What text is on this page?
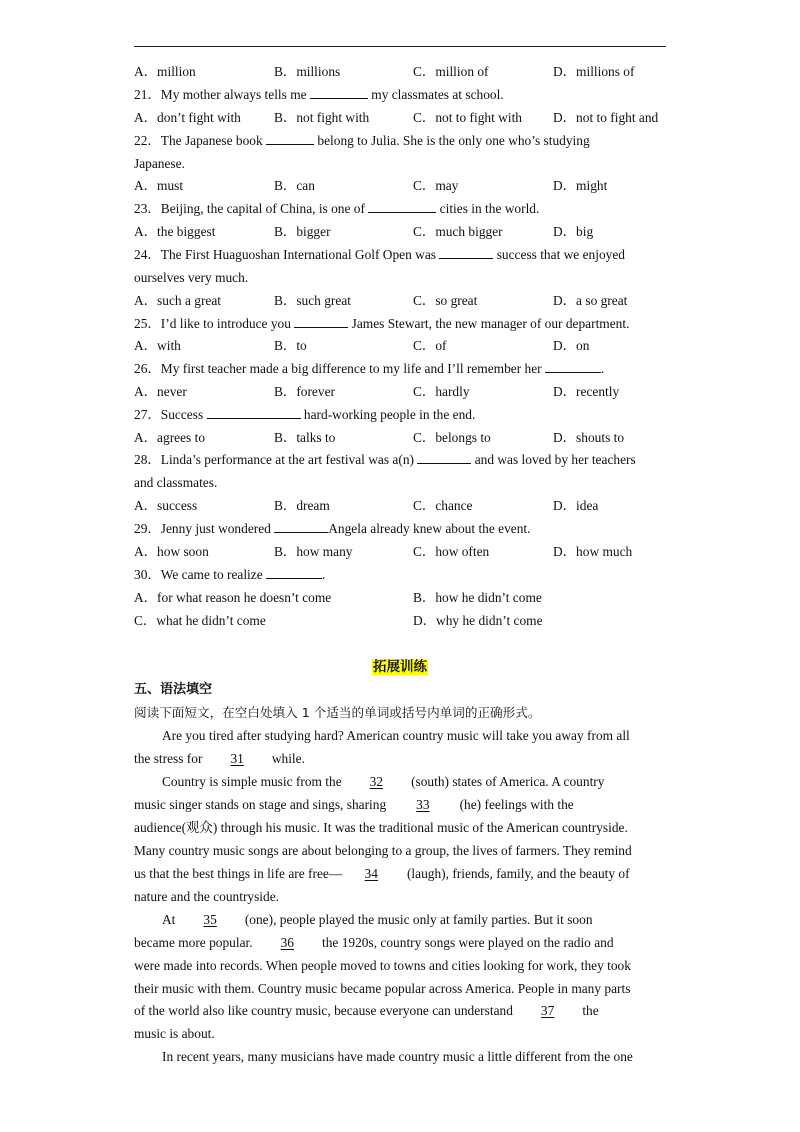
A．million	B．millions	C．million of	D．millions of
21．My mother always tells me	my classmates at school.
A．don’t fight with B．not fight with	C．not to fight with D．not to fight and
22．The Japanese book	belong to Julia. She is the only one who’s studying
Japanese.
A．must	B．can	C．may	D．might
23．Beijing, the capital of China, is one of	cities in the world.
A．the biggest	B．bigger	C．much bigger	D．big
24．The First Huaguoshan International Golf Open was	success that we enjoyed
ourselves very much.
A．such a great	B．such great	C．so great	D．a so great
25．I’d like to introduce you	James Stewart, the new manager of our department.
A．with	B．to	C．of	D．on
26．My first teacher made a big difference to my life and I’ll remember her	.
A．never	B．forever	C．hardly	D．recently
27．Success	hard-working people in the end.
A．agrees to	B．talks to	C．belongs to	D．shouts to
28．Linda’s performance at the art festival was a(n)	and was loved by her teachers
and classmates.
A．success	B．dream	C．chance	D．idea
29．Jenny just wondered	Angela already knew about the event.
A．how soon	B．how many	C．how often	D．how much
30．We came to realize	.
A．for what reason he doesn’t come	B．how he didn’t come
C．what he didn’t come	D．why he didn’t come
拓展训练
五、语法填空
阅读下面短文，在空白处填入 1 个适当的单词或括号内单词的正确形式。
Are you tired after studying hard? American country music will take you away from all
the stress for 31 while.
Country is simple music from the 32 (south) states of America. A country
music singer stands on stage and sings, sharing 33 (he) feelings with the
audience(观众) through his music. It was the traditional music of the American countryside.
Many country music songs are about belonging to a group, the lives of farmers. They remind
us that the best things in life are free— 34 (laugh), friends, family, and the beauty of
nature and the countryside.
At 35 (one), people played the music only at family parties. But it soon
became more popular. 36 the 1920s, country songs were played on the radio and
were made into records. When people moved to towns and cities looking for work, they took
their music with them. Country music became popular across America. People in many parts
of the world also like country music, because everyone can understand 37 the
music is about.
In recent years, many musicians have made country music a little different from the one
